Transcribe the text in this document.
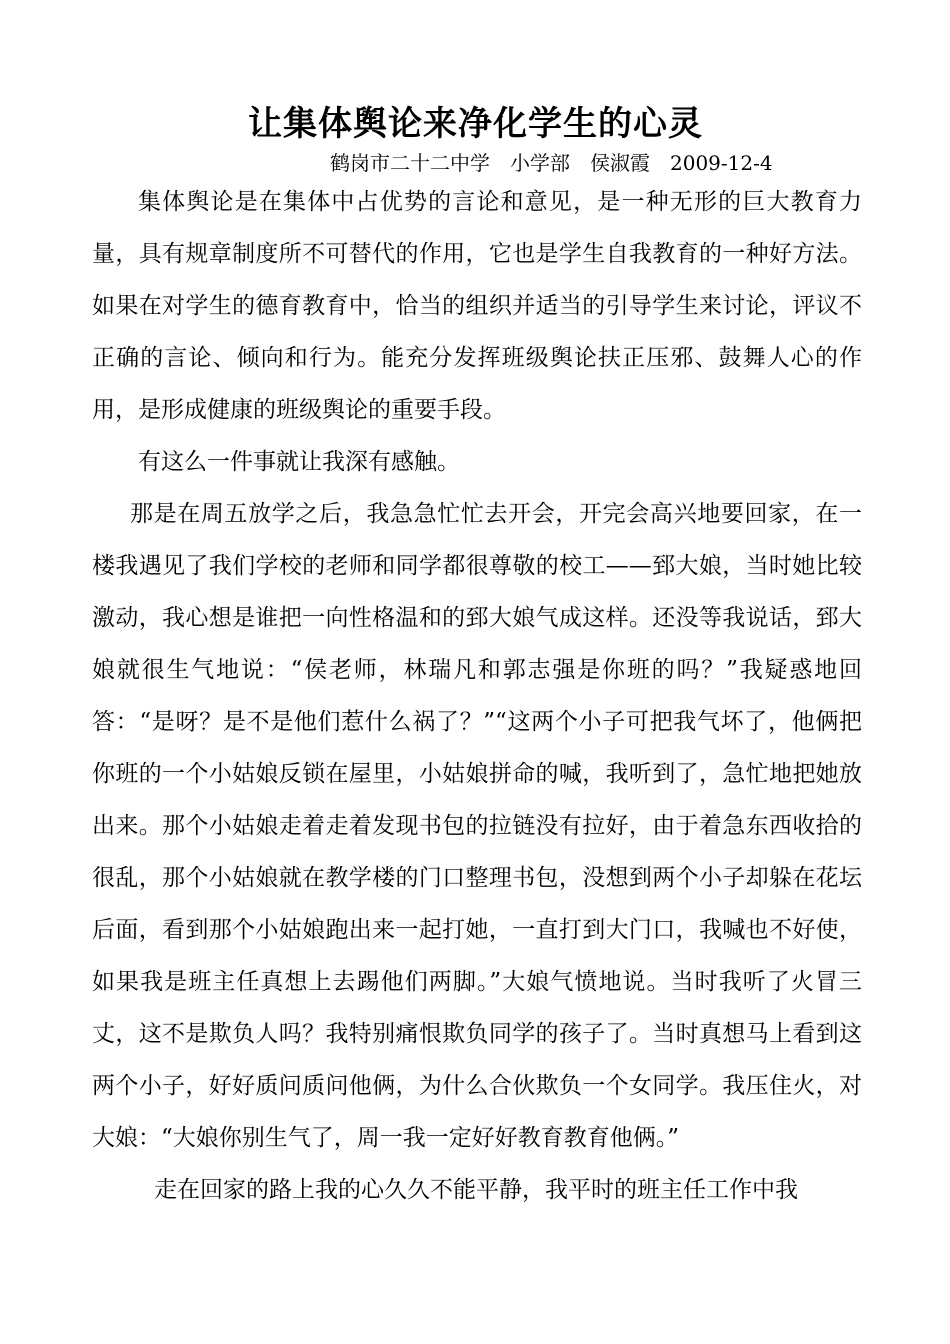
让集体舆论来净化学生的心灵
鹤岗市二十二中学　小学部　侯淑霞　2009-12-4

集体舆论是在集体中占优势的言论和意见，是一种无形的巨大教育力量，具有规章制度所不可替代的作用，它也是学生自我教育的一种好方法。如果在对学生的德育教育中，恰当的组织并适当的引导学生来讨论，评议不正确的言论、倾向和行为。能充分发挥班级舆论扶正压邪、鼓舞人心的作用，是形成健康的班级舆论的重要手段。

有这么一件事就让我深有感触。

那是在周五放学之后，我急急忙忙去开会，开完会高兴地要回家，在一楼我遇见了我们学校的老师和同学都很尊敬的校工——郅大娘，当时她比较激动，我心想是谁把一向性格温和的郅大娘气成这样。还没等我说话，郅大娘就很生气地说：“侯老师，林瑞凡和郭志强是你班的吗？”我疑惑地回答：“是呀？是不是他们惹什么祸了？”“这两个小子可把我气坏了，他俩把你班的一个小姑娘反锁在屋里，小姑娘拼命的喊，我听到了，急忙地把她放出来。那个小姑娘走着走着发现书包的拉链没有拉好，由于着急东西收拾的很乱，那个小姑娘就在教学楼的门口整理书包，没想到两个小子却躲在花坛后面，看到那个小姑娘跑出来一起打她，一直打到大门口，我喊也不好使，如果我是班主任真想上去踢他们两脚。”大娘气愤地说。当时我听了火冒三丈，这不是欺负人吗？我特别痛恨欺负同学的孩子了。当时真想马上看到这两个小子，好好质问质问他俩，为什么合伙欺负一个女同学。我压住火，对大娘：“大娘你别生气了，周一我一定好好教育教育他俩。”

走在回家的路上我的心久久不能平静，我平时的班主任工作中我
